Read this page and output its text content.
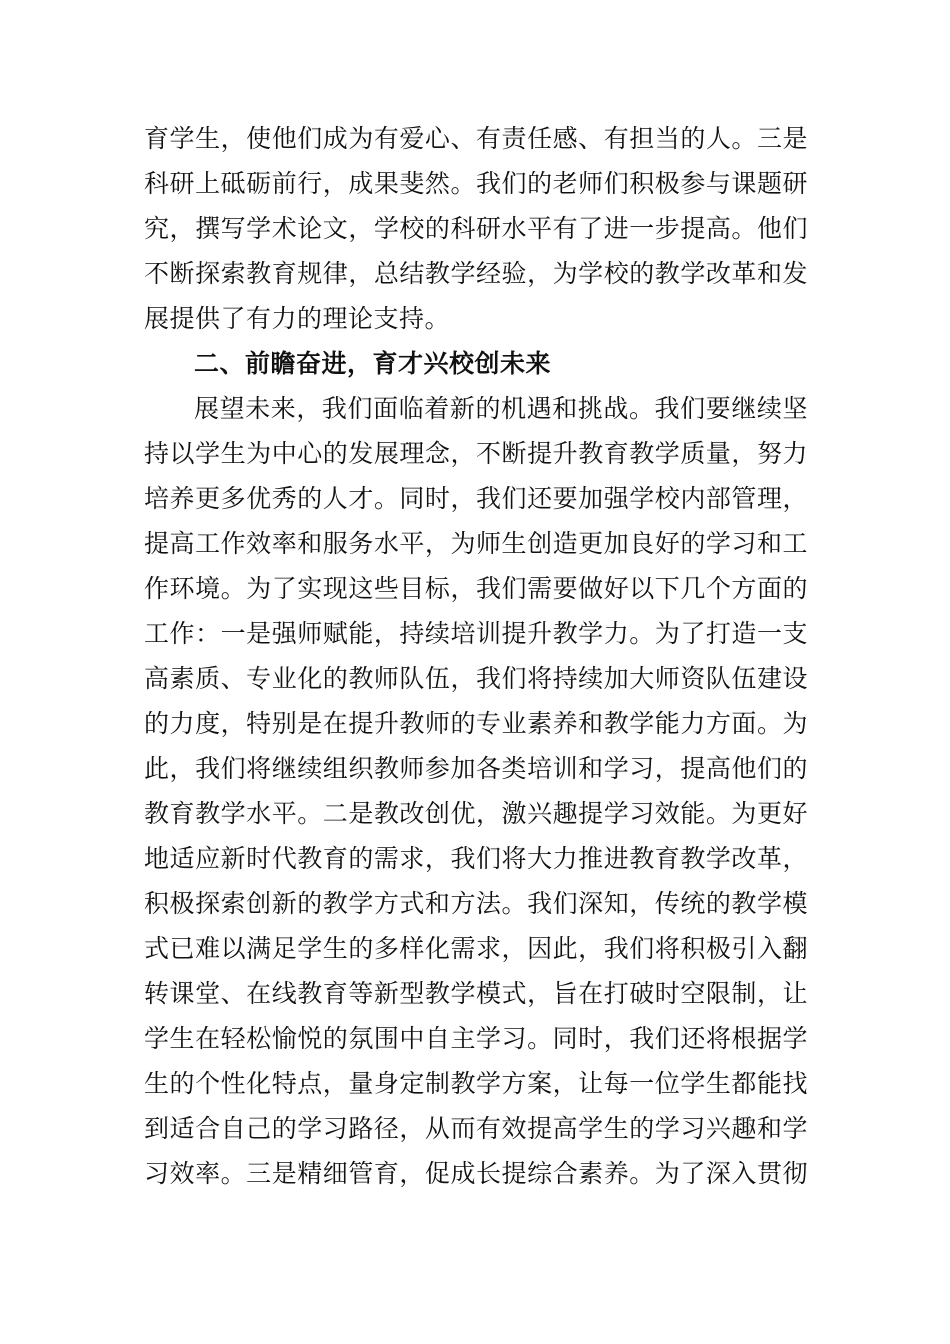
育学生，使他们成为有爱心、有责任感、有担当的人。三是
科研上砥砺前行，成果斐然。我们的老师们积极参与课题研
究，撰写学术论文，学校的科研水平有了进一步提高。他们
不断探索教育规律，总结教学经验，为学校的教学改革和发
展提供了有力的理论支持。
二、前瞻奋进，育才兴校创未来
展望未来，我们面临着新的机遇和挑战。我们要继续坚
持以学生为中心的发展理念，不断提升教育教学质量，努力
培养更多优秀的人才。同时，我们还要加强学校内部管理，
提高工作效率和服务水平，为师生创造更加良好的学习和工
作环境。为了实现这些目标，我们需要做好以下几个方面的
工作：一是强师赋能，持续培训提升教学力。为了打造一支
高素质、专业化的教师队伍，我们将持续加大师资队伍建设
的力度，特别是在提升教师的专业素养和教学能力方面。为
此，我们将继续组织教师参加各类培训和学习，提高他们的
教育教学水平。二是教改创优，激兴趣提学习效能。为更好
地适应新时代教育的需求，我们将大力推进教育教学改革，
积极探索创新的教学方式和方法。我们深知，传统的教学模
式已难以满足学生的多样化需求，因此，我们将积极引入翻
转课堂、在线教育等新型教学模式，旨在打破时空限制，让
学生在轻松愉悦的氛围中自主学习。同时，我们还将根据学
生的个性化特点，量身定制教学方案，让每一位学生都能找
到适合自己的学习路径，从而有效提高学生的学习兴趣和学
习效率。三是精细管育，促成长提综合素养。为了深入贯彻
